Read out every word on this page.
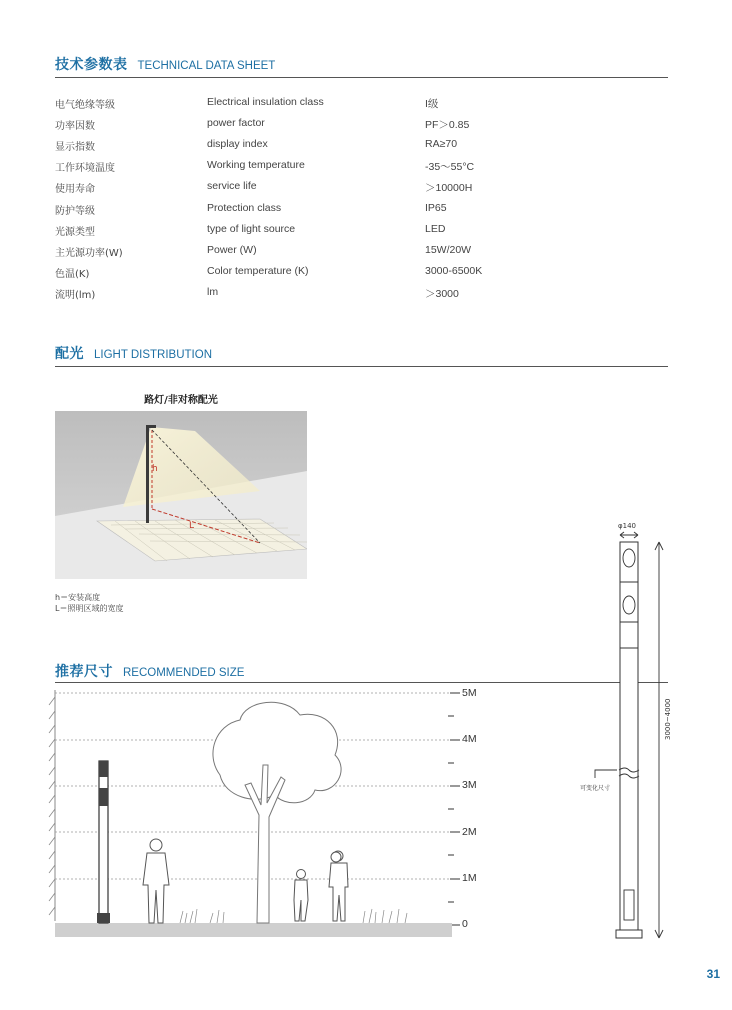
技术参数表 TECHNICAL DATA SHEET
电气绝缘等级	Electrical insulation class	I级
功率因数	power factor	PF＞0.85
显示指数	display index	RA≥70
工作环境温度	Working temperature	-35～55°C
使用寿命	service life	＞10000H
防护等级	Protection class	IP65
光源类型	type of light source	LED
主光源功率(W)	Power (W)	15W/20W
色温(K)	Color temperature (K)	3000-6500K
流明(lm)	lm	＞3000
配光 LIGHT DISTRIBUTION
路灯/非对称配光
h
L
h＝安装高度
L＝照明区域的宽度
推荐尺寸 RECOMMENDED SIZE
5M
4M
3M
2M
1M
0
φ140
3000~4000
可变化尺寸
31
